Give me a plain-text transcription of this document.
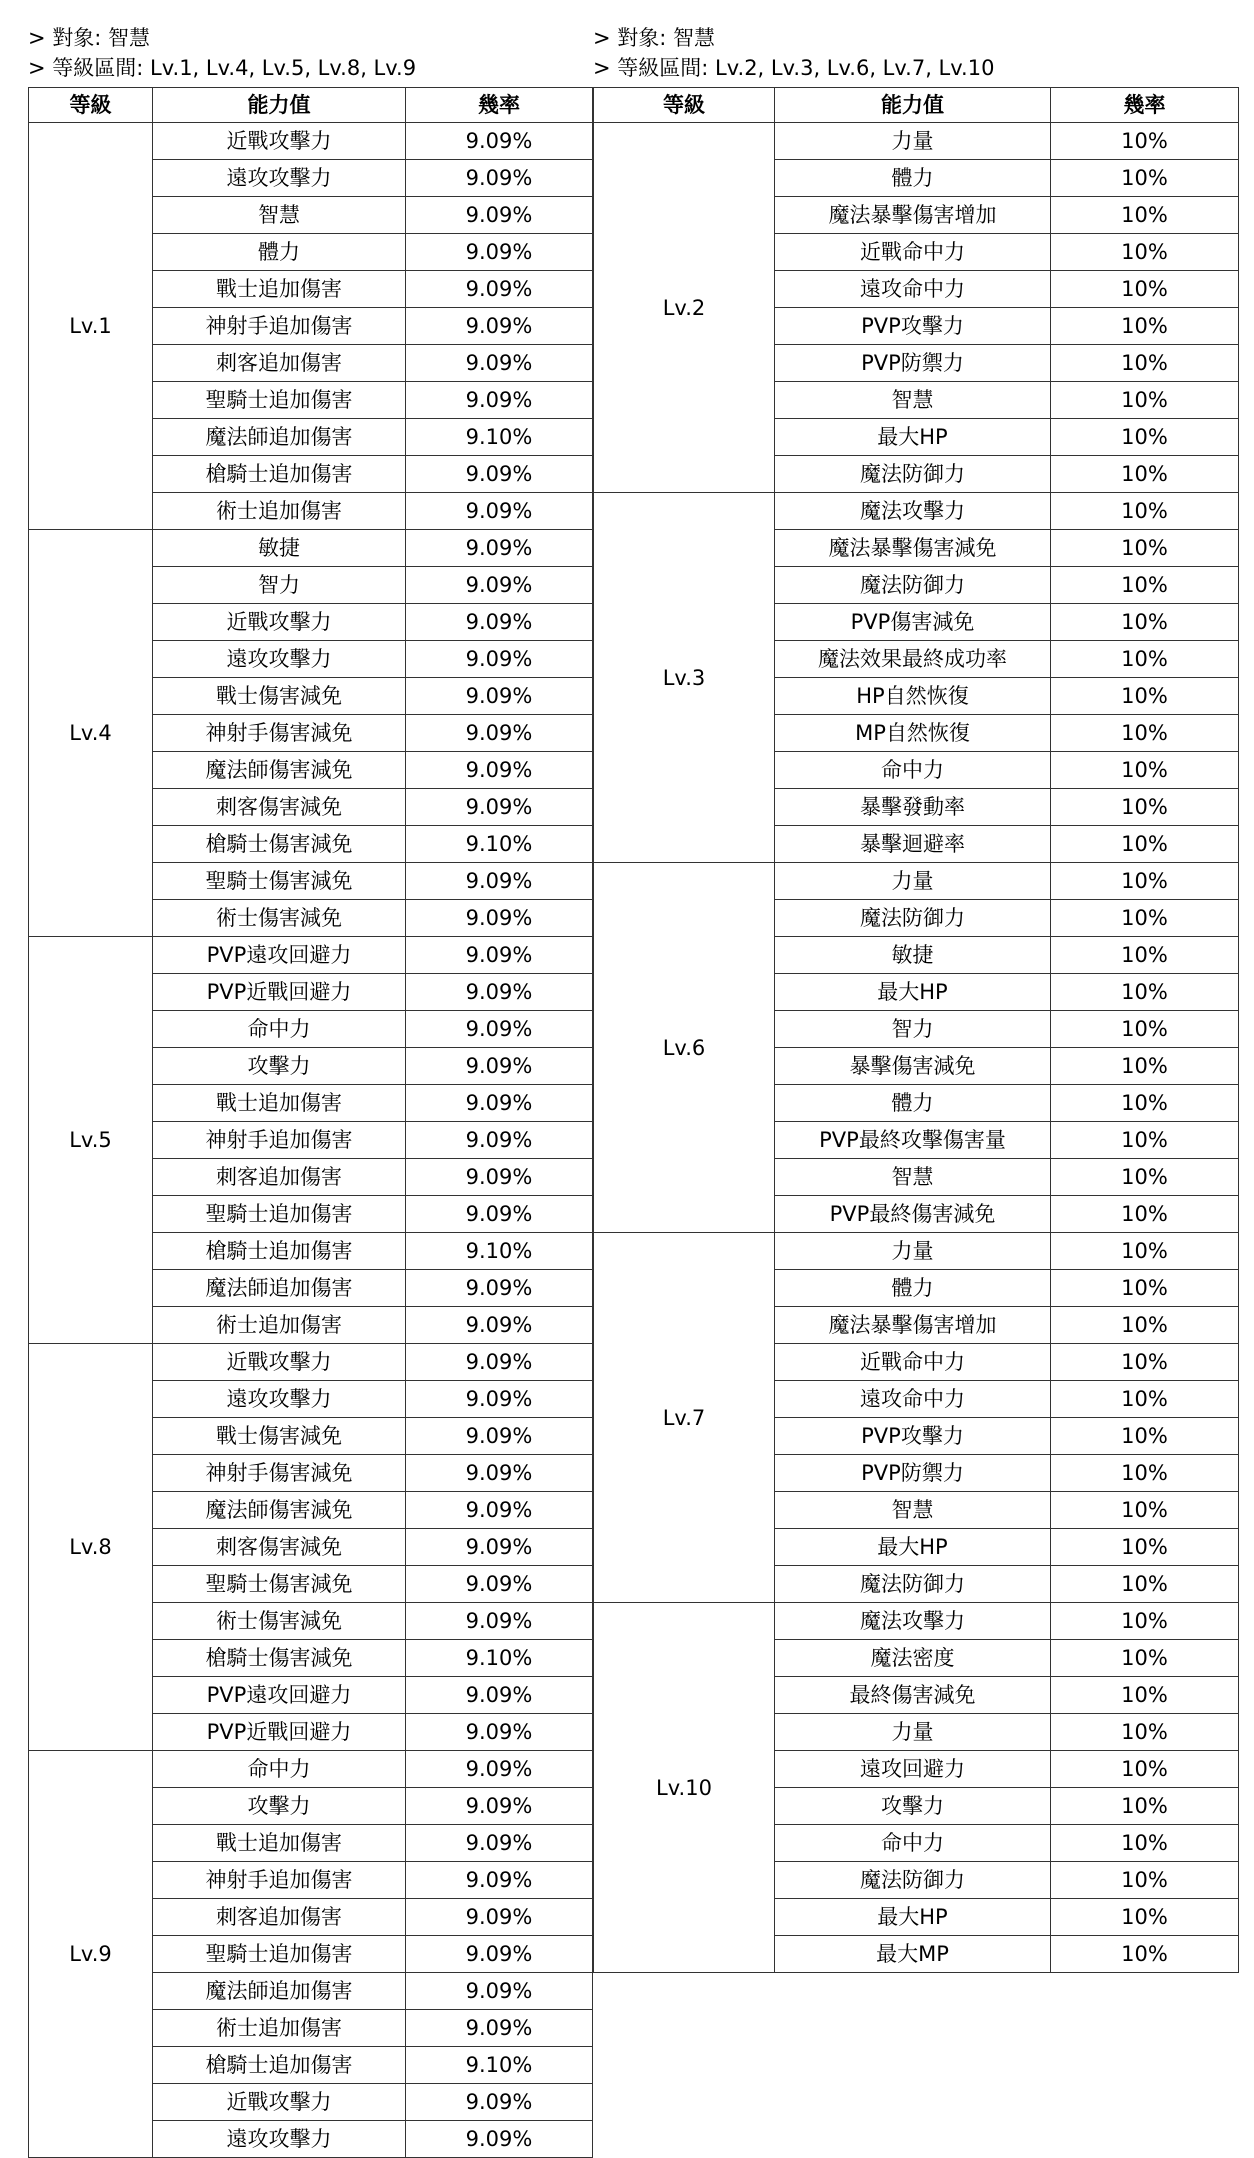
> 對象: 智慧
> 等級區間: Lv.1, Lv.4, Lv.5, Lv.8, Lv.9
等級	能力值	幾率
Lv.1	近戰攻擊力	9.09%
	遠攻攻擊力	9.09%
	智慧	9.09%
	體力	9.09%
	戰士追加傷害	9.09%
	神射手追加傷害	9.09%
	刺客追加傷害	9.09%
	聖騎士追加傷害	9.09%
	魔法師追加傷害	9.10%
	槍騎士追加傷害	9.09%
	術士追加傷害	9.09%
Lv.4	敏捷	9.09%
	智力	9.09%
	近戰攻擊力	9.09%
	遠攻攻擊力	9.09%
	戰士傷害減免	9.09%
	神射手傷害減免	9.09%
	魔法師傷害減免	9.09%
	刺客傷害減免	9.09%
	槍騎士傷害減免	9.10%
	聖騎士傷害減免	9.09%
	術士傷害減免	9.09%
Lv.5	PVP遠攻回避力	9.09%
	PVP近戰回避力	9.09%
	命中力	9.09%
	攻擊力	9.09%
	戰士追加傷害	9.09%
	神射手追加傷害	9.09%
	刺客追加傷害	9.09%
	聖騎士追加傷害	9.09%
	槍騎士追加傷害	9.10%
	魔法師追加傷害	9.09%
	術士追加傷害	9.09%
Lv.8	近戰攻擊力	9.09%
	遠攻攻擊力	9.09%
	戰士傷害減免	9.09%
	神射手傷害減免	9.09%
	魔法師傷害減免	9.09%
	刺客傷害減免	9.09%
	聖騎士傷害減免	9.09%
	術士傷害減免	9.09%
	槍騎士傷害減免	9.10%
	PVP遠攻回避力	9.09%
	PVP近戰回避力	9.09%
Lv.9	命中力	9.09%
	攻擊力	9.09%
	戰士追加傷害	9.09%
	神射手追加傷害	9.09%
	刺客追加傷害	9.09%
	聖騎士追加傷害	9.09%
	魔法師追加傷害	9.09%
	術士追加傷害	9.09%
	槍騎士追加傷害	9.10%
	近戰攻擊力	9.09%
	遠攻攻擊力	9.09%
> 對象: 智慧
> 等級區間: Lv.2, Lv.3, Lv.6, Lv.7, Lv.10
等級	能力值	幾率
Lv.2	力量	10%
	體力	10%
	魔法暴擊傷害增加	10%
	近戰命中力	10%
	遠攻命中力	10%
	PVP攻擊力	10%
	PVP防禦力	10%
	智慧	10%
	最大HP	10%
	魔法防御力	10%
Lv.3	魔法攻擊力	10%
	魔法暴擊傷害減免	10%
	魔法防御力	10%
	PVP傷害減免	10%
	魔法效果最終成功率	10%
	HP自然恢復	10%
	MP自然恢復	10%
	命中力	10%
	暴擊發動率	10%
	暴擊迴避率	10%
Lv.6	力量	10%
	魔法防御力	10%
	敏捷	10%
	最大HP	10%
	智力	10%
	暴擊傷害減免	10%
	體力	10%
	PVP最終攻擊傷害量	10%
	智慧	10%
	PVP最終傷害減免	10%
Lv.7	力量	10%
	體力	10%
	魔法暴擊傷害增加	10%
	近戰命中力	10%
	遠攻命中力	10%
	PVP攻擊力	10%
	PVP防禦力	10%
	智慧	10%
	最大HP	10%
	魔法防御力	10%
Lv.10	魔法攻擊力	10%
	魔法密度	10%
	最終傷害減免	10%
	力量	10%
	遠攻回避力	10%
	攻擊力	10%
	命中力	10%
	魔法防御力	10%
	最大HP	10%
	最大MP	10%
